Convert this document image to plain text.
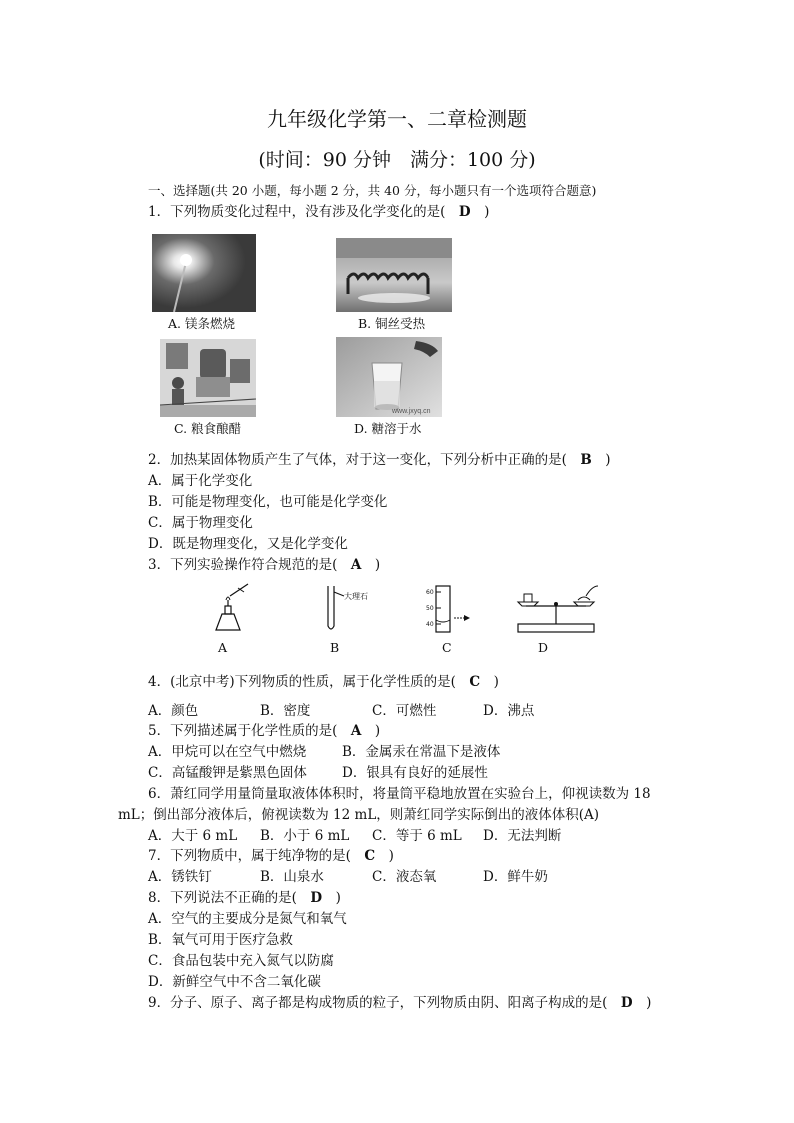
九年级化学第一、二章检测题
(时间：90 分钟　满分：100 分)
一、选择题(共 20 小题，每小题 2 分，共 40 分，每小题只有一个选项符合题意)
1．下列物质变化过程中，没有涉及化学变化的是(　D　)
A. 镁条燃烧	B. 铜丝受热
C. 粮食酿醋
www.jxyq.cn
D. 糖溶于水
2．加热某固体物质产生了气体，对于这一变化，下列分析中正确的是(　B　)
A．属于化学变化
B．可能是物理变化，也可能是化学变化
C．属于物理变化
D．既是物理变化，又是化学变化
3．下列实验操作符合规范的是(　A　)
A
大理石
B
60
50
40
C	D
4．(北京中考)下列物质的性质，属于化学性质的是(　C　)
A．颜色	B．密度	C．可燃性	D．沸点
5．下列描述属于化学性质的是(　A　)
A．甲烷可以在空气中燃烧	B．金属汞在常温下是液体
C．高锰酸钾是紫黑色固体	D．银具有良好的延展性
6．萧红同学用量筒量取液体体积时，将量筒平稳地放置在实验台上，仰视读数为 18
mL；倒出部分液体后，俯视读数为 12 mL，则萧红同学实际倒出的液体体积(A)
A．大于 6 mL B．小于 6 mL C．等于 6 mL D．无法判断
7．下列物质中，属于纯净物的是(　C　)
A．锈铁钉	B．山泉水	C．液态氧	D．鲜牛奶
8．下列说法不正确的是(　D　)
A．空气的主要成分是氮气和氧气
B．氧气可用于医疗急救
C．食品包装中充入氮气以防腐
D．新鲜空气中不含二氧化碳
9．分子、原子、离子都是构成物质的粒子，下列物质由阴、阳离子构成的是(　D　)
